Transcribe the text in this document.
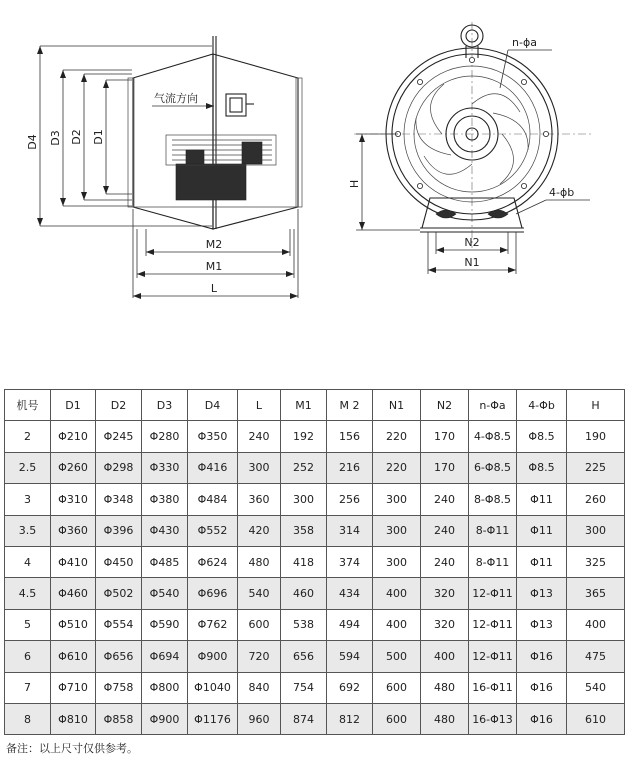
气流方向
D4 D3 D2 D1
M2
M1
L
n-ϕa
4-ϕb
H
N2
N1
机号	D1	D2	D3	D4	L	M1	M 2	N1	N2	n-Φa	4-Φb	H
2	Φ210	Φ245	Φ280	Φ350	240	192	156	220	170	4-Φ8.5	Φ8.5	190
2.5	Φ260	Φ298	Φ330	Φ416	300	252	216	220	170	6-Φ8.5	Φ8.5	225
3	Φ310	Φ348	Φ380	Φ484	360	300	256	300	240	8-Φ8.5	Φ11	260
3.5	Φ360	Φ396	Φ430	Φ552	420	358	314	300	240	8-Φ11	Φ11	300
4	Φ410	Φ450	Φ485	Φ624	480	418	374	300	240	8-Φ11	Φ11	325
4.5	Φ460	Φ502	Φ540	Φ696	540	460	434	400	320	12-Φ11	Φ13	365
5	Φ510	Φ554	Φ590	Φ762	600	538	494	400	320	12-Φ11	Φ13	400
6	Φ610	Φ656	Φ694	Φ900	720	656	594	500	400	12-Φ11	Φ16	475
7	Φ710	Φ758	Φ800	Φ1040	840	754	692	600	480	16-Φ11	Φ16	540
8	Φ810	Φ858	Φ900	Φ1176	960	874	812	600	480	16-Φ13	Φ16	610
备注：以上尺寸仅供参考。
